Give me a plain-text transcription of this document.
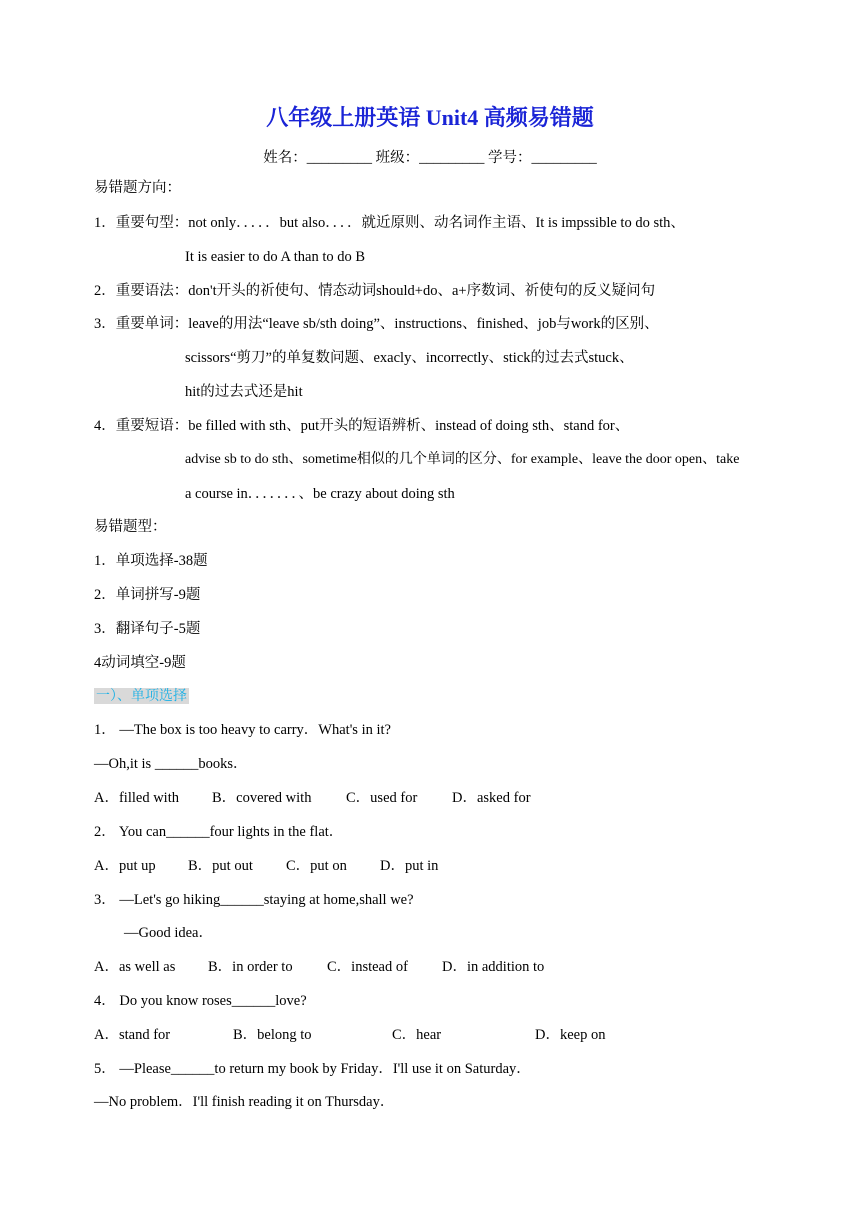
八年级上册英语 Unit4 高频易错题
姓名：_________ 班级：_________ 学号：_________
易错题方向：
1．重要句型：not only．．．．．but also．．．．就近原则、动名词作主语、It is impssible to do sth、
It is easier to do A than to do B
2．重要语法：don't开头的祈使句、情态动词should+do、a+序数词、祈使句的反义疑问句
3．重要单词：leave的用法“leave sb/sth doing”、instructions、finished、job与work的区别、
scissors“剪刀”的单复数问题、exacly、incorrectly、stick的过去式stuck、
hit的过去式还是hit
4．重要短语：be filled with sth、put开头的短语辨析、instead of doing sth、stand for、
advise sb to do sth、sometime相似的几个单词的区分、for example、leave the door open、take
a course in．．．．．．．、be crazy about doing sth
易错题型：
1．单项选择-38题
2．单词拼写-9题
3．翻译句子-5题
4动词填空-9题
一）、单项选择
1． —The box is too heavy to carry．What's in it?
—Oh,it is ______books．
A．filled with B．covered with C．used for D．asked for
2． You can______four lights in the flat．
A．put up B．put out C．put on D．put in
3． —Let's go hiking______staying at home,shall we?
—Good idea．
A．as well as B．in order to C．instead of D．in addition to
4． Do you know roses______love?
A．stand for	B．belong to	C．hear	D．keep on
5． —Please______to return my book by Friday．I'll use it on Saturday．
—No problem．I'll finish reading it on Thursday．
